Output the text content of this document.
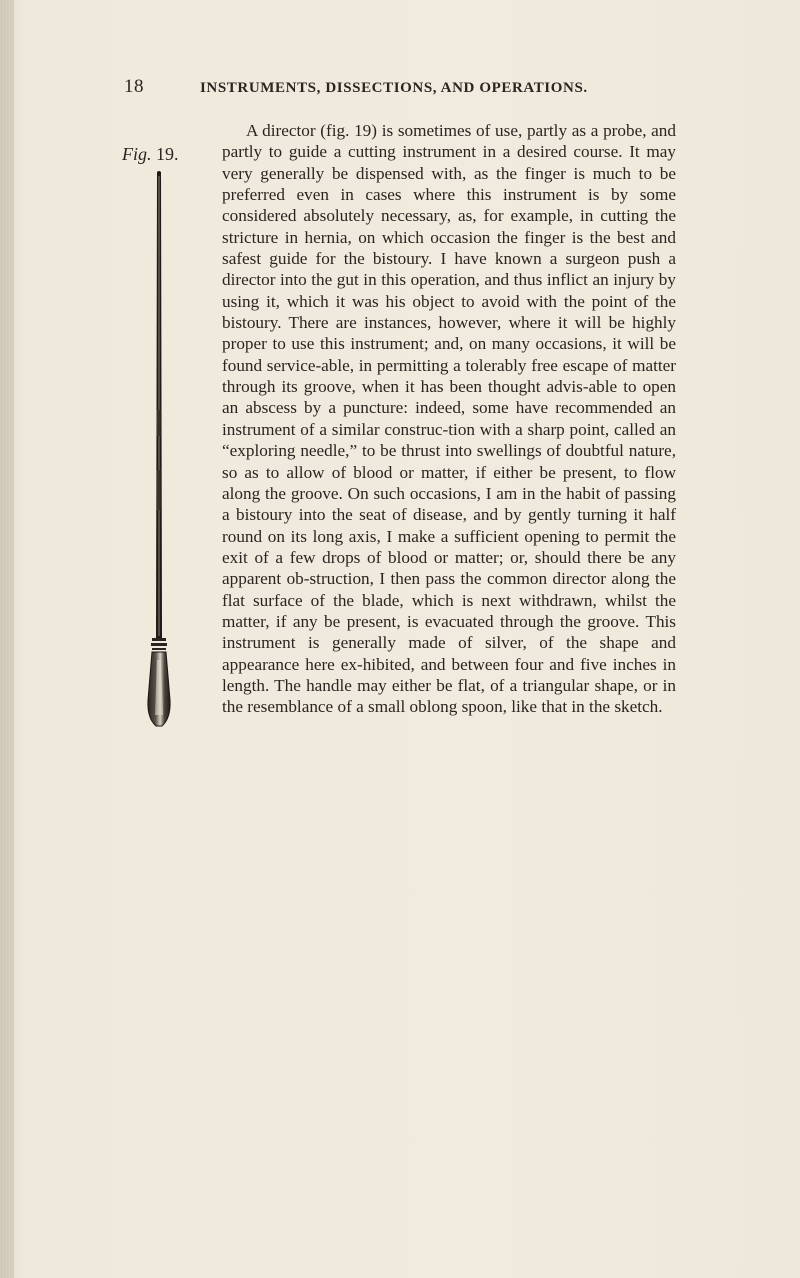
18	INSTRUMENTS, DISSECTIONS, AND OPERATIONS.
Fig. 19.

A director (fig. 19) is sometimes of use, partly as a probe, and partly to guide a cutting instrument in a desired course. It may very generally be dispensed with, as the finger is much to be preferred even in cases where this instrument is by some considered absolutely necessary, as, for example, in cutting the stricture in hernia, on which occasion the finger is the best and safest guide for the bistoury. I have known a surgeon push a director into the gut in this operation, and thus inflict an injury by using it, which it was his object to avoid with the point of the bistoury. There are instances, however, where it will be highly proper to use this instrument; and, on many occasions, it will be found service-able, in permitting a tolerably free escape of matter through its groove, when it has been thought advis-able to open an abscess by a puncture: indeed, some have recommended an instrument of a similar construc-tion with a sharp point, called an “exploring needle,” to be thrust into swellings of doubtful nature, so as to allow of blood or matter, if either be present, to flow along the groove. On such occasions, I am in the habit of passing a bistoury into the seat of disease, and by gently turning it half round on its long axis, I make a sufficient opening to permit the exit of a few drops of blood or matter; or, should there be any apparent ob-struction, I then pass the common director along the flat surface of the blade, which is next withdrawn, whilst the matter, if any be present, is evacuated through the groove. This instrument is generally made of silver, of the shape and appearance here ex-hibited, and between four and five inches in length. The handle may either be flat, of a triangular shape, or in the resemblance of a small oblong spoon, like that in the sketch.
